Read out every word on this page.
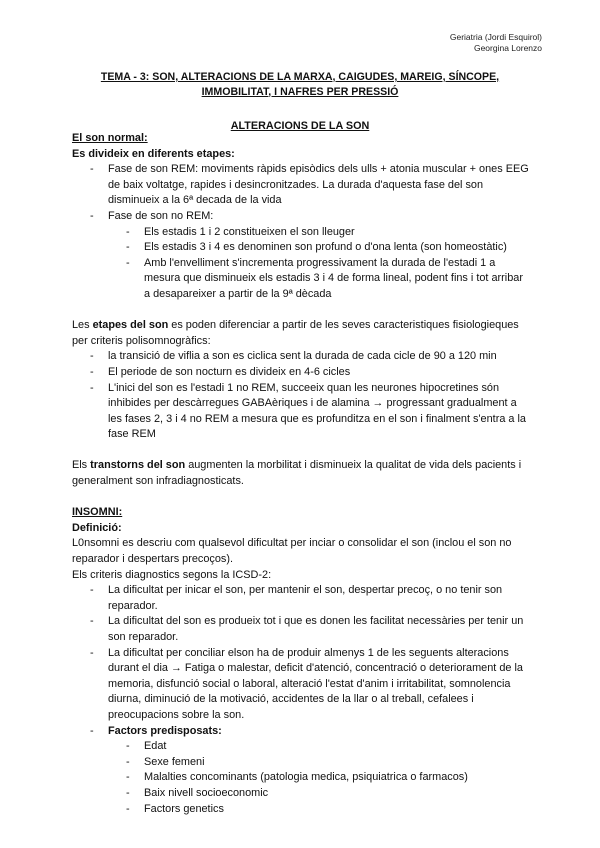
Geriatria (Jordi Esquirol)
Georgina Lorenzo
TEMA - 3: SON, ALTERACIONS DE LA MARXA, CAIGUDES, MAREIG, SÍNCOPE, IMMOBILITAT, I NAFRES PER PRESSIÓ
ALTERACIONS DE LA SON

El son normal:

Es divideix en diferents etapes:

- Fase de son REM: moviments ràpids episòdics dels ulls + atonia muscular + ones EEG de baix voltatge, rapides i desincronitzades. La durada d'aquesta fase del son disminueix a la 6ª decada de la vida
- Fase de son no REM:
- Els estadis 1 i 2 constitueixen el son lleuger
- Els estadis 3 i 4 es denominen son profund o d'ona lenta (son homeostàtic)
- Amb l'envelliment s'incrementa progressivament la durada de l'estadi 1 a mesura que disminueix els estadis 3 i 4 de forma lineal, podent fins i tot arribar a desapareixer a partir de la 9ª dècada

Les etapes del son es poden diferenciar a partir de les seves caracteristiques fisiologieques per criteris polisomnogràfics:

- la transició de viflia a son es ciclica sent la durada de cada cicle de 90 a 120 min
- El periode de son nocturn es divideix en 4-6 cicles
- L'inici del son es l'estadi 1 no REM, succeeix quan les neurones hipocretines són inhibides per descàrregues GABAèriques i de alamina → progressant gradualment a les fases 2, 3 i 4 no REM a mesura que es profunditza en el son i finalment s'entra a la fase REM

Els transtorns del son augmenten la morbilitat i disminueix la qualitat de vida dels pacients i generalment son infradiagnosticats.

INSOMNI:

Definició:

L0nsomni es descriu com qualsevol dificultat per inciar o consolidar el son (inclou el son no reparador i despertars precoços).

Els criteris diagnostics segons la ICSD-2:

- La dificultat per inicar el son, per mantenir el son, despertar precoç, o no tenir son reparador.
- La dificultat del son es produeix tot i que es donen les facilitat necessàries per tenir un son reparador.
- La dificultat per conciliar elson ha de produir almenys 1 de les seguents alteracions durant el dia → Fatiga o malestar, deficit d'atenció, concentració o deteriorament de la memoria, disfunció social o laboral, alteració l'estat d'anim i irritabilitat, somnolencia diurna, diminució de la motivació, accidentes de la llar o al treball, cefalees i preocupacions sobre la son.
- Factors predisposats:
- Edat
- Sexe femeni
- Malalties concominants (patologia medica, psiquiatrica o farmacos)
- Baix nivell socioeconomic
- Factors genetics
